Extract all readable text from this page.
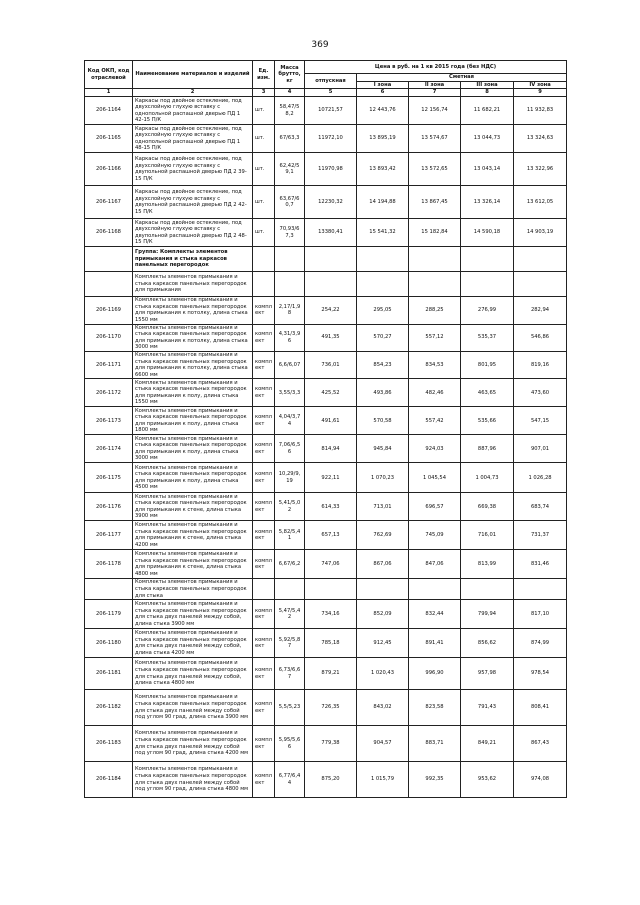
369
Код ОКП, код отраслевой	Наименование материалов и изделий	Ед. изм.	Масса брутто, кг	Цена в руб. на 1 кв 2015 года (без НДС)				
				отпускная	Сметная			
					I зона	II зона	III зона	IV зона
1	2	3	4	5	6	7	8	9
206-1164	Каркасы под двойное остекление, под двухслойную глухую вставку с однопольной распашной дверью ПД 1 42-15 П/К	шт.	58,47/5 8,2	10721,57	12 443,76	12 156,74	11 682,21	11 932,83
206-1165	Каркасы под двойное остекление, под двухслойную глухую вставку с однопольной распашной дверью ПД 1 48-15 П/К	шт.	67/63,3	11972,10	13 895,19	13 574,67	13 044,73	13 324,63
206-1166	Каркасы под двойное остекление, под двухслойную глухую вставку с двупольной распашной дверью ПД 2 39-15 П/К	шт.	62,42/5 9,1	11970,98	13 893,42	13 572,65	13 043,14	13 322,96
206-1167	Каркасы под двойное остекление, под двухслойную глухую вставку с двупольной распашной дверью ПД 2 42-15 П/К	шт.	63,67/6 0,7	12230,32	14 194,88	13 867,45	13 326,14	13 612,05
206-1168	Каркасы под двойное остекление, под двухслойную глухую вставку с двупольной распашной дверью ПД 2 48-15 П/К	шт.	70,93/6 7,3	13380,41	15 541,32	15 182,84	14 590,18	14 903,19
	Группа: Комплекты элементов примыкания и стыка каркасов панельных перегородок							
	Комплекты элементов примыкания и стыка каркасов панельных перегородок для примыкания							
206-1169	Комплекты элементов примыкания и стыка каркасов панельных перегородок для примыкания к потолку, длина стыка 1550 мм	компл ект	2,17/1,9 8	254,22	295,05	288,25	276,99	282,94
206-1170	Комплекты элементов примыкания и стыка каркасов панельных перегородок для примыкания к потолку, длина стыка 3000 мм	компл ект	4,31/3,9 6	491,35	570,27	557,12	535,37	546,86
206-1171	Комплекты элементов примыкания и стыка каркасов панельных перегородок для примыкания к потолку, длина стыка 6600 мм	компл ект	6,6/6,07	736,01	854,23	834,53	801,95	819,16
206-1172	Комплекты элементов примыкания и стыка каркасов панельных перегородок для примыкания к полу, длина стыка 1550 мм	компл ект	3,55/3,3	425,52	493,86	482,46	463,65	473,60
206-1173	Комплекты элементов примыкания и стыка каркасов панельных перегородок для примыкания к полу, длина стыка 1800 мм	компл ект	4,04/3,7 4	491,61	570,58	557,42	535,66	547,15
206-1174	Комплекты элементов примыкания и стыка каркасов панельных перегородок для примыкания к полу, длина стыка 3000 мм	компл ект	7,06/6,5 6	814,94	945,84	924,03	887,96	907,01
206-1175	Комплекты элементов примыкания и стыка каркасов панельных перегородок для примыкания к полу, длина стыка 4500 мм	компл ект	10,29/9, 19	922,11	1 070,23	1 045,54	1 004,73	1 026,28
206-1176	Комплекты элементов примыкания и стыка каркасов панельных перегородок для примыкания к стене, длина стыка 3900 мм	компл ект	5,41/5,0 2	614,33	713,01	696,57	669,38	683,74
206-1177	Комплекты элементов примыкания и стыка каркасов панельных перегородок для примыкания к стене, длина стыка 4200 мм	компл ект	5,82/5,4 1	657,13	762,69	745,09	716,01	731,37
206-1178	Комплекты элементов примыкания и стыка каркасов панельных перегородок для примыкания к стене, длина стыка 4800 мм	компл ект	6,67/6,2	747,06	867,06	847,06	813,99	831,46
	Комплекты элементов примыкания и стыка каркасов панельных перегородок для стыка							
206-1179	Комплекты элементов примыкания и стыка каркасов панельных перегородок для стыка двух панелей между собой, длина стыка 3900 мм	компл ект	5,47/5,4 2	734,16	852,09	832,44	799,94	817,10
206-1180	Комплекты элементов примыкания и стыка каркасов панельных перегородок для стыка двух панелей между собой, длина стыка 4200 мм	компл ект	5,92/5,8 7	785,18	912,45	891,41	856,62	874,99
206-1181	Комплекты элементов примыкания и стыка каркасов панельных перегородок для стыка двух панелей между собой, длина стыка 4800 мм	компл ект	6,73/6,6 7	879,21	1 020,43	996,90	957,98	978,54
206-1182	Комплекты элементов примыкания и стыка каркасов панельных перегородок для стыка двух панелей между собой под углом 90 град, длина стыка 3900 мм	компл ект	5,5/5,23	726,35	843,02	823,58	791,43	808,41
206-1183	Комплекты элементов примыкания и стыка каркасов панельных перегородок для стыка двух панелей между собой под углом 90 град, длина стыка 4200 мм	компл ект	5,95/5,6 6	779,38	904,57	883,71	849,21	867,43
206-1184	Комплекты элементов примыкания и стыка каркасов панельных перегородок для стыка двух панелей между собой под углом 90 град, длина стыка 4800 мм	компл ект	6,77/6,4 4	875,20	1 015,79	992,35	953,62	974,08
